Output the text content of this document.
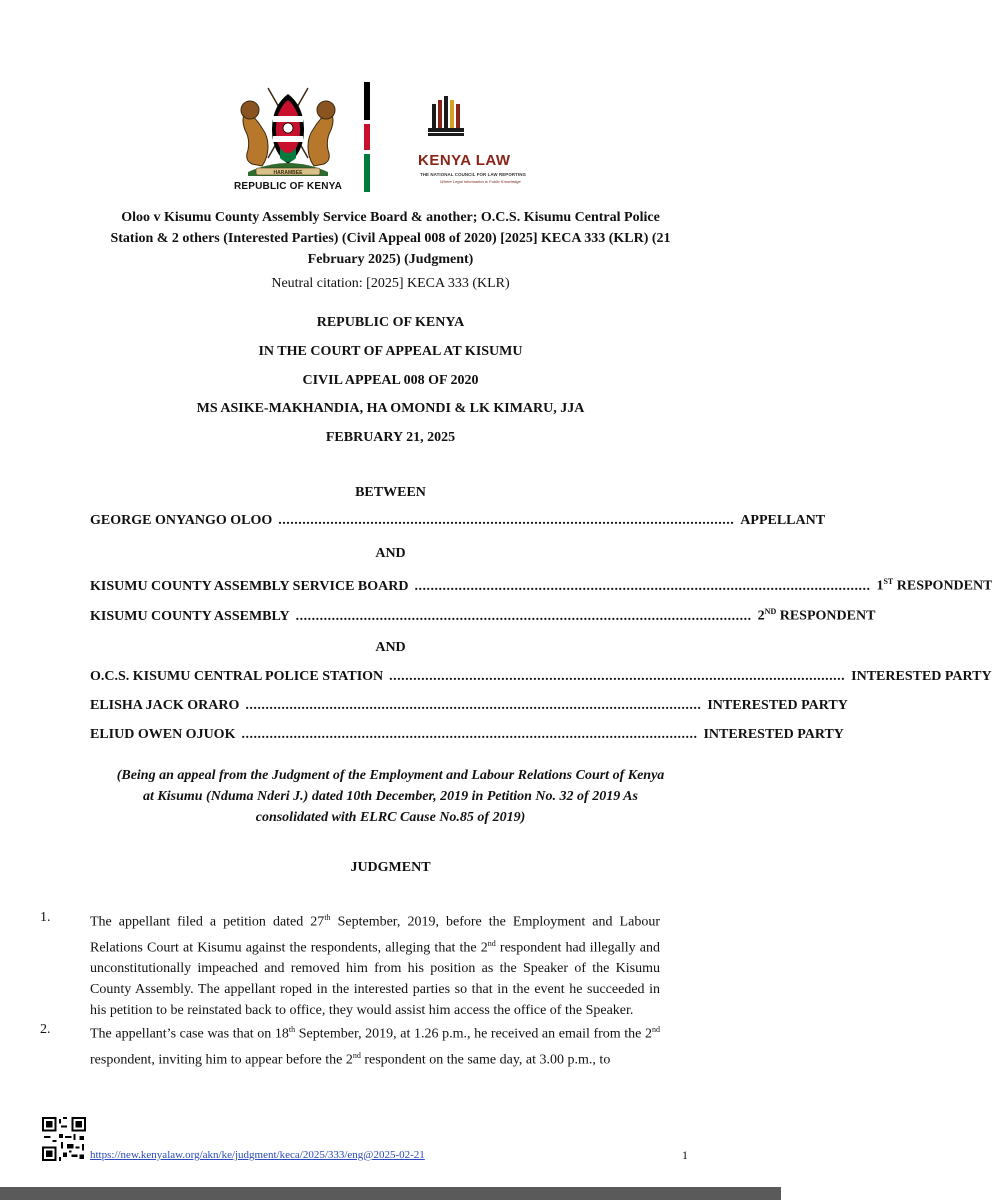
HARAMBEE
REPUBLIC OF KENYA
KENYA LAW
THE NATIONAL COUNCIL FOR LAW REPORTING
Where Legal Information is Public Knowledge
Oloo v Kisumu County Assembly Service Board & another; O.C.S. Kisumu Central Police Station & 2 others (Interested Parties) (Civil Appeal 008 of 2020) [2025] KECA 333 (KLR) (21 February 2025) (Judgment)
Neutral citation: [2025] KECA 333 (KLR)
REPUBLIC OF KENYA
IN THE COURT OF APPEAL AT KISUMU
CIVIL APPEAL 008 OF 2020
MS ASIKE-MAKHANDIA, HA OMONDI & LK KIMARU, JJA
FEBRUARY 21, 2025
BETWEEN
GEORGE ONYANGO OLOO .................................................................................................................. APPELLANT
AND
KISUMU COUNTY ASSEMBLY SERVICE BOARD .................................................................................................................. 1ST RESPONDENT
KISUMU COUNTY ASSEMBLY .................................................................................................................. 2ND RESPONDENT
AND
O.C.S. KISUMU CENTRAL POLICE STATION .................................................................................................................. INTERESTED PARTY
ELISHA JACK ORARO .................................................................................................................. INTERESTED PARTY
ELIUD OWEN OJUOK .................................................................................................................. INTERESTED PARTY
(Being an appeal from the Judgment of the Employment and Labour Relations Court of Kenya at Kisumu (Nduma Nderi J.) dated 10th December, 2019 in Petition No. 32 of 2019 As consolidated with ELRC Cause No.85 of 2019)
JUDGMENT
1.	The appellant filed a petition dated 27th September, 2019, before the Employment and Labour Relations Court at Kisumu against the respondents, alleging that the 2nd respondent had illegally and unconstitutionally impeached and removed him from his position as the Speaker of the Kisumu County Assembly. The appellant roped in the interested parties so that in the event he succeeded in his petition to be reinstated back to office, they would assist him access the office of the Speaker.
2.	The appellant’s case was that on 18th September, 2019, at 1.26 p.m., he received an email from the 2nd respondent, inviting him to appear before the 2nd respondent on the same day, at 3.00 p.m., to
https://new.kenyalaw.org/akn/ke/judgment/keca/2025/333/eng@2025-02-21	1
